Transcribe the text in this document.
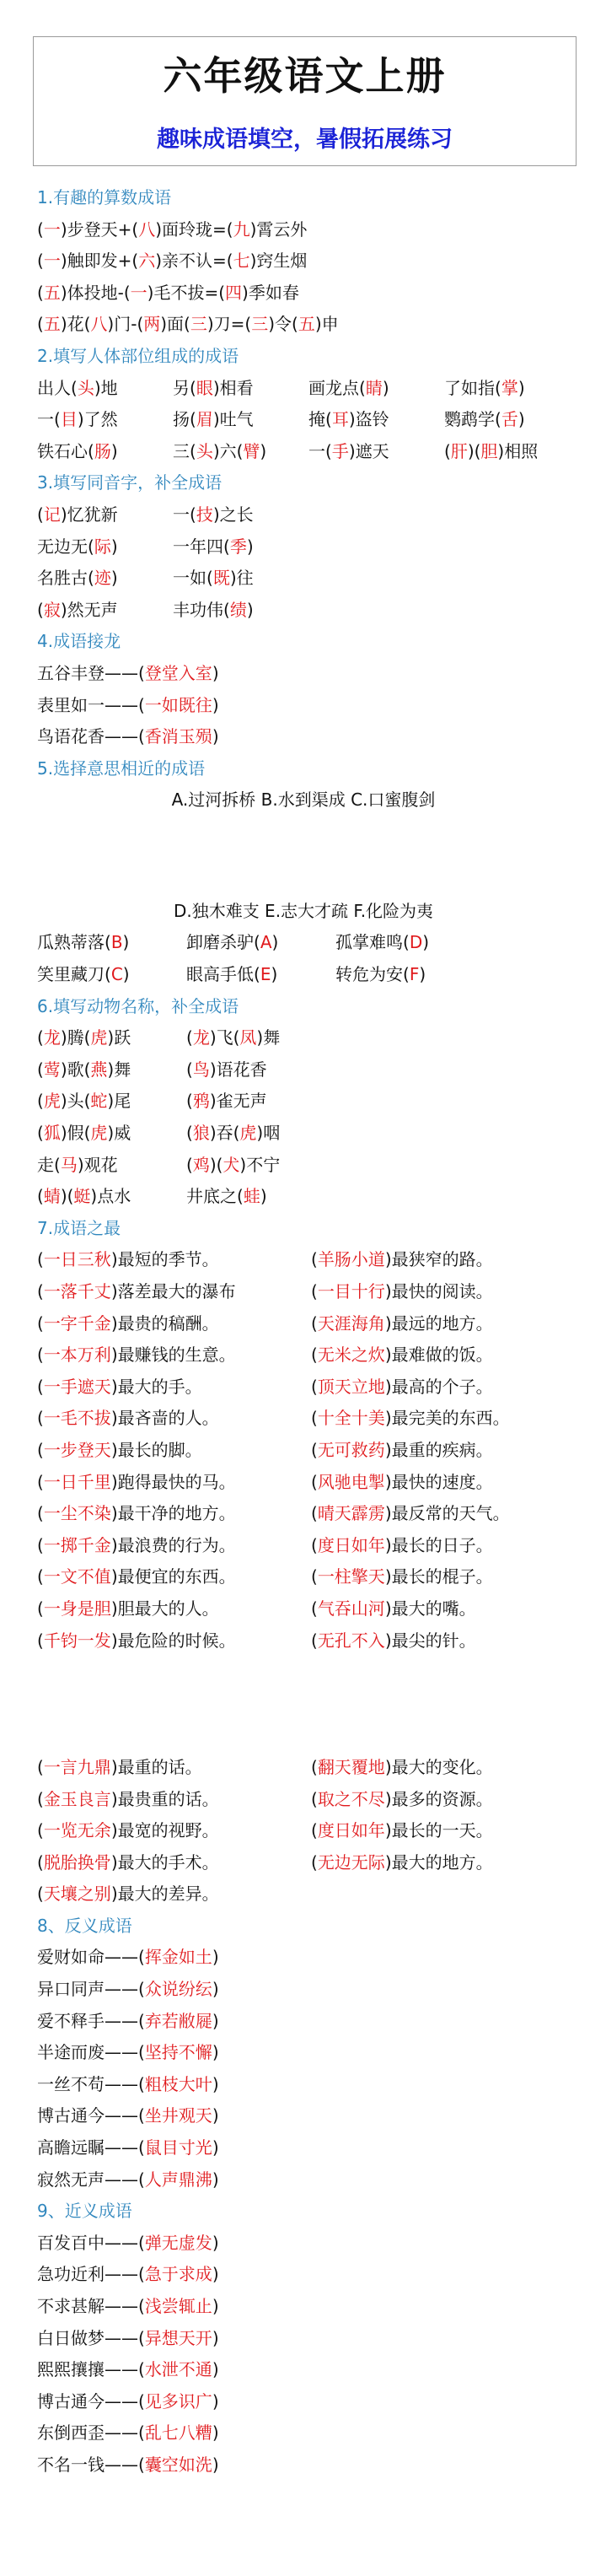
六年级语文上册
趣味成语填空，暑假拓展练习
1.有趣的算数成语
(一)步登天+(八)面玲珑=(九)霄云外
(一)触即发+(六)亲不认=(七)窍生烟
(五)体投地-(一)毛不拔=(四)季如春
(五)花(八)门-(两)面(三)刀=(三)令(五)申
2.填写人体部位组成的成语
出人(头)地	另(眼)相看	画龙点(睛)	了如指(掌)
一(目)了然	扬(眉)吐气	掩(耳)盗铃	鹦鹉学(舌)
铁石心(肠)	三(头)六(臂)	一(手)遮天	(肝)(胆)相照
3.填写同音字，补全成语
(记)忆犹新	一(技)之长
无边无(际)	一年四(季)
名胜古(迹)	一如(既)往
(寂)然无声	丰功伟(绩)
4.成语接龙
五谷丰登——(登堂入室)
表里如一——(一如既往)
鸟语花香——(香消玉殒)
5.选择意思相近的成语
A.过河拆桥 B.水到渠成 C.口蜜腹剑
D.独木难支 E.志大才疏 F.化险为夷
瓜熟蒂落(B)	卸磨杀驴(A)	孤掌难鸣(D)
笑里藏刀(C)	眼高手低(E)	转危为安(F)
6.填写动物名称，补全成语
(龙)腾(虎)跃	(龙)飞(凤)舞
(莺)歌(燕)舞	(鸟)语花香
(虎)头(蛇)尾	(鸦)雀无声
(狐)假(虎)威	(狼)吞(虎)咽
走(马)观花	(鸡)(犬)不宁
(蜻)(蜓)点水	井底之(蛙)
7.成语之最
(一日三秋)最短的季节。	(羊肠小道)最狭窄的路。
(一落千丈)落差最大的瀑布	(一目十行)最快的阅读。
(一字千金)最贵的稿酬。	(天涯海角)最远的地方。
(一本万利)最赚钱的生意。	(无米之炊)最难做的饭。
(一手遮天)最大的手。	(顶天立地)最高的个子。
(一毛不拔)最吝啬的人。	(十全十美)最完美的东西。
(一步登天)最长的脚。	(无可救药)最重的疾病。
(一日千里)跑得最快的马。	(风驰电掣)最快的速度。
(一尘不染)最干净的地方。	(晴天霹雳)最反常的天气。
(一掷千金)最浪费的行为。	(度日如年)最长的日子。
(一文不值)最便宜的东西。	(一柱擎天)最长的棍子。
(一身是胆)胆最大的人。	(气吞山河)最大的嘴。
(千钧一发)最危险的时候。	(无孔不入)最尖的针。
(一言九鼎)最重的话。	(翻天覆地)最大的变化。
(金玉良言)最贵重的话。	(取之不尽)最多的资源。
(一览无余)最宽的视野。	(度日如年)最长的一天。
(脱胎换骨)最大的手术。	(无边无际)最大的地方。
(天壤之别)最大的差异。
8、反义成语
爱财如命——(挥金如土)
异口同声——(众说纷纭)
爱不释手——(弃若敝屣)
半途而废——(坚持不懈)
一丝不苟——(粗枝大叶)
博古通今——(坐井观天)
高瞻远瞩——(鼠目寸光)
寂然无声——(人声鼎沸)
9、近义成语
百发百中——(弹无虚发)
急功近利——(急于求成)
不求甚解——(浅尝辄止)
白日做梦——(异想天开)
熙熙攘攘——(水泄不通)
博古通今——(见多识广)
东倒西歪——(乱七八糟)
不名一钱——(囊空如洗)
